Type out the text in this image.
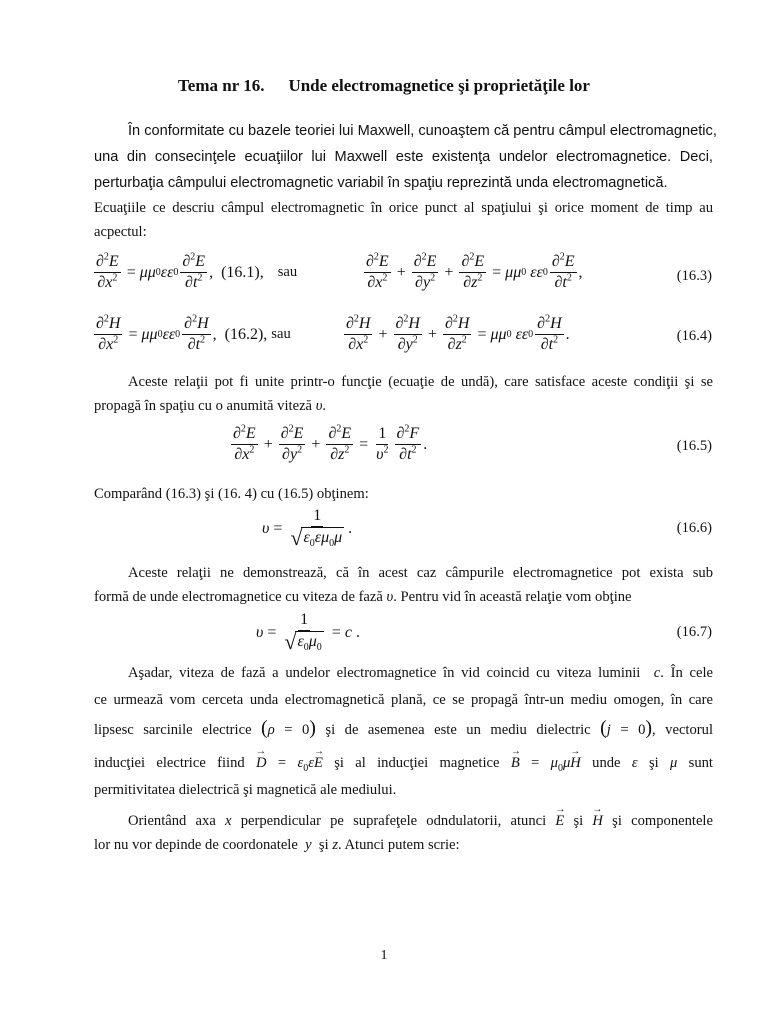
Tema nr 16. Unde electromagnetice şi proprietăţile lor
În conformitate cu bazele teoriei lui Maxwell, cunoaştem că pentru câmpul electromagnetic,
una din consecinţele ecuaţiilor lui Maxwell este existenţa undelor electromagnetice. Deci,
perturbaţia câmpului electromagnetic variabil în spaţiu reprezintă unda electromagnetică.
Ecuaţiile ce descriu câmpul electromagnetic în orice punct al spaţiului şi orice moment de timp au
acpectul:
$\frac{\partial^2E}{\partial x^2} = \mu\mu$ 0 εε $0 \frac{\partial^2E}{\partial t^2}$ , (16.1) , sau	$\frac{\partial^2E}{\partial x^2} + \frac{\partial^2E}{\partial y^2} + \frac{\partial^2E}{\partial z^2} = \mu\mu$ 0
εε $0 \frac{\partial^2E}{\partial t^2}$ ,	(16.3)
$\frac{\partial^2H}{\partial x^2} = \mu\mu$ 0 εε $0 \frac{\partial^2H}{\partial t^2}$ , (16.2) , sau	$\frac{\partial^2H}{\partial x^2} + \frac{\partial^2H}{\partial y^2} + \frac{\partial^2H}{\partial z^2} = \mu\mu$ 0
εε $0 \frac{\partial^2H}{\partial t^2}$ .	(16.4)
Aceste relaţii pot fi unite printr-o funcţie (ecuaţie de undă), care satisface aceste condiţii şi se
propagă în spaţiu cu o anumită viteză υ.
$\frac{\partial^2E}{\partial x^2} + \frac{\partial^2E}{\partial y^2} + \frac{\partial^2E}{\partial z^2} = \frac{1}{\upsilon^2} \frac{\partial^2F}{\partial t^2}$ .	(16.5)
Comparând (16.3) şi (16. 4) cu (16.5) obţinem:
$\upsilon = \frac{1}{√ \varepsilon_0\varepsilon\mu_0\mu}$ .	(16.6)
Aceste relaţii ne demonstrează, că în acest caz câmpurile electromagnetice pot exista sub
formă de unde electromagnetice cu viteza de fază υ. Pentru vid în această relaţie vom obţine
$\upsilon = \frac{1}{√ \varepsilon_0\mu_0} = c$ .	(16.7)
Aşadar, viteza de fază a undelor electromagnetice în vid coincid cu viteza luminii c. În cele
ce urmează vom cerceta unda electromagnetică plană, ce se propagă într-un mediu omogen, în care
lipsesc sarcinile electrice (ρ = 0) şi de asemenea este un mediu dielectric (j = 0), vectorul
inducţiei electrice fiind → $D = \varepsilon_0\varepsilon\to E$ şi al inducţiei magnetice → $B = \mu_0\mu\to H$ unde ε şi μ sunt
permitivitatea dielectrică şi magnetică ale mediului.
Orientând axa x perpendicular pe suprafeţele odndulatorii, atunci → E şi → H şi componentele
lor nu vor depinde de coordonatele y şi z. Atunci putem scrie:
1
